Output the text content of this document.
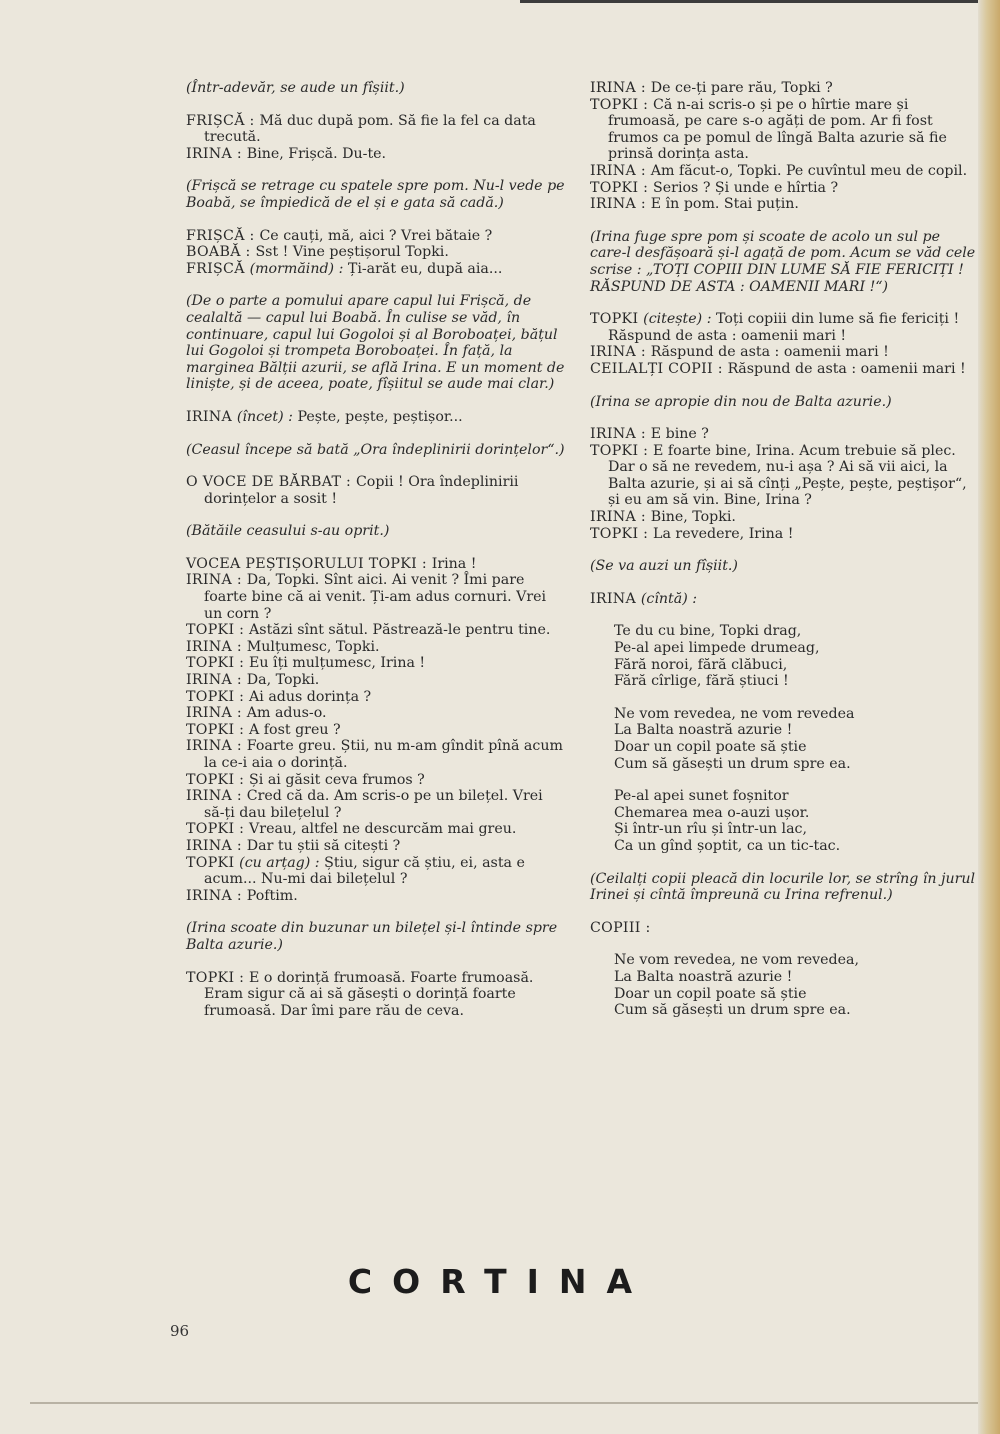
(Într-adevăr, se aude un fîșiit.)

FRIȘCĂ : Mă duc după pom. Să fie la fel ca data trecută.

IRINA : Bine, Frișcă. Du-te.

(Frișcă se retrage cu spatele spre pom. Nu-l vede pe Boabă, se împiedică de el și e gata să cadă.)

FRIȘCĂ : Ce cauți, mă, aici ? Vrei bătaie ?

BOABĂ : Sst ! Vine peștișorul Topki.

FRIȘCĂ (mormăind) : Ți-arăt eu, după aia...

(De o parte a pomului apare capul lui Frișcă, de cealaltă — capul lui Boabă. În culise se văd, în continuare, capul lui Gogoloi și al Boroboaței, bățul lui Gogoloi și trompeta Boroboaței. În față, la marginea Bălții azurii, se află Irina. E un moment de liniște, și de aceea, poate, fîșiitul se aude mai clar.)

IRINA (încet) : Pește, pește, peștișor...

(Ceasul începe să bată „Ora îndeplinirii dorințelor“.)

O VOCE DE BĂRBAT : Copii ! Ora îndeplinirii dorințelor a sosit !

(Bătăile ceasului s-au oprit.)

VOCEA PEȘTIȘORULUI TOPKI : Irina !

IRINA : Da, Topki. Sînt aici. Ai venit ? Îmi pare foarte bine că ai venit. Ți-am adus cornuri. Vrei un corn ?

TOPKI : Astăzi sînt sătul. Păstrează-le pentru tine.

IRINA : Mulțumesc, Topki.

TOPKI : Eu îți mulțumesc, Irina !

IRINA : Da, Topki.

TOPKI : Ai adus dorința ?

IRINA : Am adus-o.

TOPKI : A fost greu ?

IRINA : Foarte greu. Știi, nu m-am gîndit pînă acum la ce-i aia o dorință.

TOPKI : Și ai găsit ceva frumos ?

IRINA : Cred că da. Am scris-o pe un bilețel. Vrei să-ți dau bilețelul ?

TOPKI : Vreau, altfel ne descurcăm mai greu.

IRINA : Dar tu știi să citești ?

TOPKI (cu arțag) : Știu, sigur că știu, ei, asta e acum... Nu-mi dai bilețelul ?

IRINA : Poftim.

(Irina scoate din buzunar un bilețel și-l întinde spre Balta azurie.)

TOPKI : E o dorință frumoasă. Foarte frumoasă. Eram sigur că ai să găsești o dorință foarte frumoasă. Dar îmi pare rău de ceva.

IRINA : De ce-ți pare rău, Topki ?

TOPKI : Că n-ai scris-o și pe o hîrtie mare și frumoasă, pe care s-o agăți de pom. Ar fi fost frumos ca pe pomul de lîngă Balta azurie să fie prinsă dorința asta.

IRINA : Am făcut-o, Topki. Pe cuvîntul meu de copil.

TOPKI : Serios ? Și unde e hîrtia ?

IRINA : E în pom. Stai puțin.

(Irina fuge spre pom și scoate de acolo un sul pe care-l desfășoară și-l agață de pom. Acum se văd cele scrise : „TOȚI COPIII DIN LUME SĂ FIE FERICIȚI ! RĂSPUND DE ASTA : OAMENII MARI !“)

TOPKI (citește) : Toți copiii din lume să fie fericiți ! Răspund de asta : oamenii mari !

IRINA : Răspund de asta : oamenii mari !

CEILALȚI COPII : Răspund de asta : oamenii mari !

(Irina se apropie din nou de Balta azurie.)

IRINA : E bine ?

TOPKI : E foarte bine, Irina. Acum trebuie să plec. Dar o să ne revedem, nu-i așa ? Ai să vii aici, la Balta azurie, și ai să cînți „Pește, pește, peștișor“, și eu am să vin. Bine, Irina ?

IRINA : Bine, Topki.

TOPKI : La revedere, Irina !

(Se va auzi un fîșiit.)

IRINA (cîntă) :

Te du cu bine, Topki drag,

Pe-al apei limpede drumeag,

Fără noroi, fără clăbuci,

Fără cîrlige, fără știuci !

Ne vom revedea, ne vom revedea

La Balta noastră azurie !

Doar un copil poate să știe

Cum să găsești un drum spre ea.

Pe-al apei sunet foșnitor

Chemarea mea o-auzi ușor.

Și într-un rîu și într-un lac,

Ca un gînd șoptit, ca un tic-tac.

(Ceilalți copii pleacă din locurile lor, se strîng în jurul Irinei și cîntă împreună cu Irina refrenul.)

COPIII :

Ne vom revedea, ne vom revedea,

La Balta noastră azurie !

Doar un copil poate să știe

Cum să găsești un drum spre ea.

CORTINA
96
